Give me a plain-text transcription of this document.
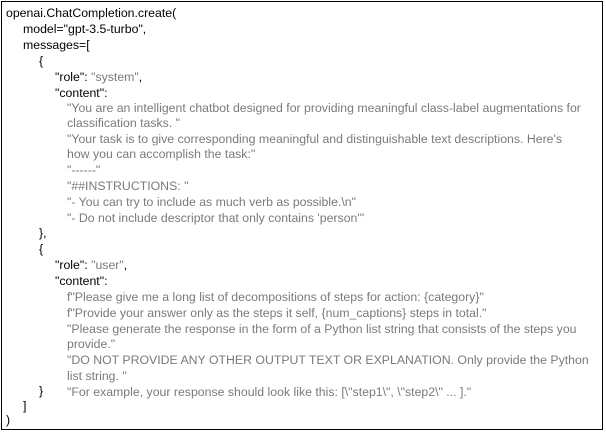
openai.ChatCompletion.create(

model="gpt-3.5-turbo",

messages=[

{

"role": "system",

"content":

"You are an intelligent chatbot designed for providing meaningful class-label augmentations for

classification tasks. "

"Your task is to give corresponding meaningful and distinguishable text descriptions. Here's

how you can accomplish the task:"

"------"

"##INSTRUCTIONS: "

"- You can try to include as much verb as possible.\n"

"- Do not include descriptor that only contains 'person'"

},

{

"role": "user",

"content":

f"Please give me a long list of decompositions of steps for action: {category}"

f"Provide your answer only as the steps it self, {num_captions} steps in total."

"Please generate the response in the form of a Python list string that consists of the steps you

provide."

"DO NOT PROVIDE ANY OTHER OUTPUT TEXT OR EXPLANATION. Only provide the Python

list string. "

"For example, your response should look like this: [\"step1\", \"step2\" ... ]."

}

]

)
